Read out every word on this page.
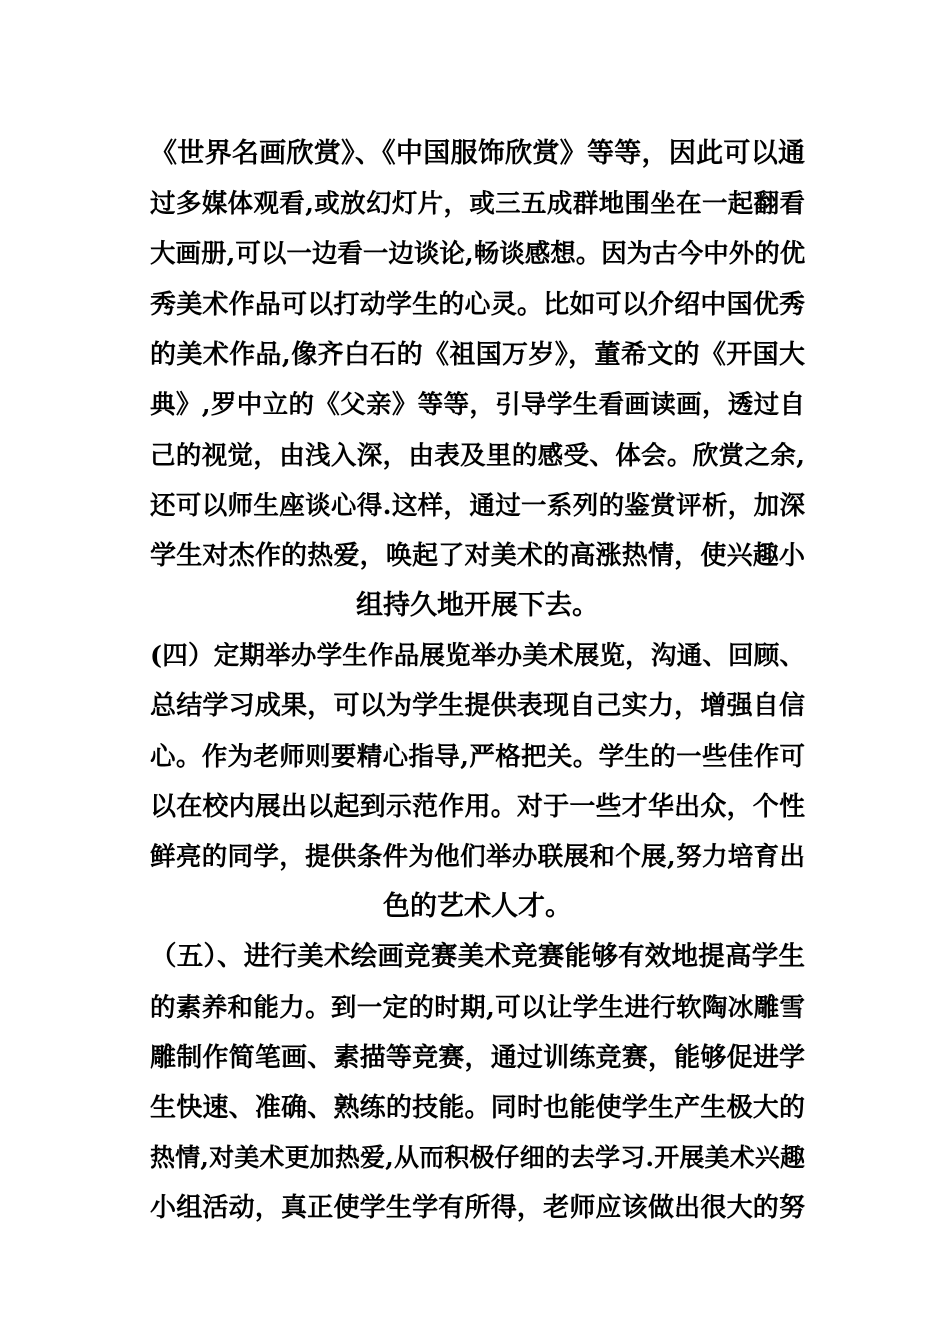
《世界名画欣赏》、《中国服饰欣赏》等等，因此可以通
过多媒体观看,或放幻灯片，或三五成群地围坐在一起翻看
大画册,可以一边看一边谈论,畅谈感想。因为古今中外的优
秀美术作品可以打动学生的心灵。比如可以介绍中国优秀
的美术作品,像齐白石的《祖国万岁》，董希文的《开国大
典》,罗中立的《父亲》等等，引导学生看画读画，透过自
己的视觉，由浅入深，由表及里的感受、体会。欣赏之余,
还可以师生座谈心得.这样，通过一系列的鉴赏评析，加深
学生对杰作的热爱，唤起了对美术的高涨热情，使兴趣小
组持久地开展下去。
(四）定期举办学生作品展览举办美术展览，沟通、回顾、
总结学习成果，可以为学生提供表现自己实力，增强自信
心。作为老师则要精心指导,严格把关。学生的一些佳作可
以在校内展出以起到示范作用。对于一些才华出众，个性
鲜亮的同学，提供条件为他们举办联展和个展,努力培育出
色的艺术人才。
（五）、进行美术绘画竞赛美术竞赛能够有效地提高学生
的素养和能力。到一定的时期,可以让学生进行软陶冰雕雪
雕制作简笔画、素描等竞赛，通过训练竞赛，能够促进学
生快速、准确、熟练的技能。同时也能使学生产生极大的
热情,对美术更加热爱,从而积极仔细的去学习.开展美术兴趣
小组活动，真正使学生学有所得，老师应该做出很大的努
